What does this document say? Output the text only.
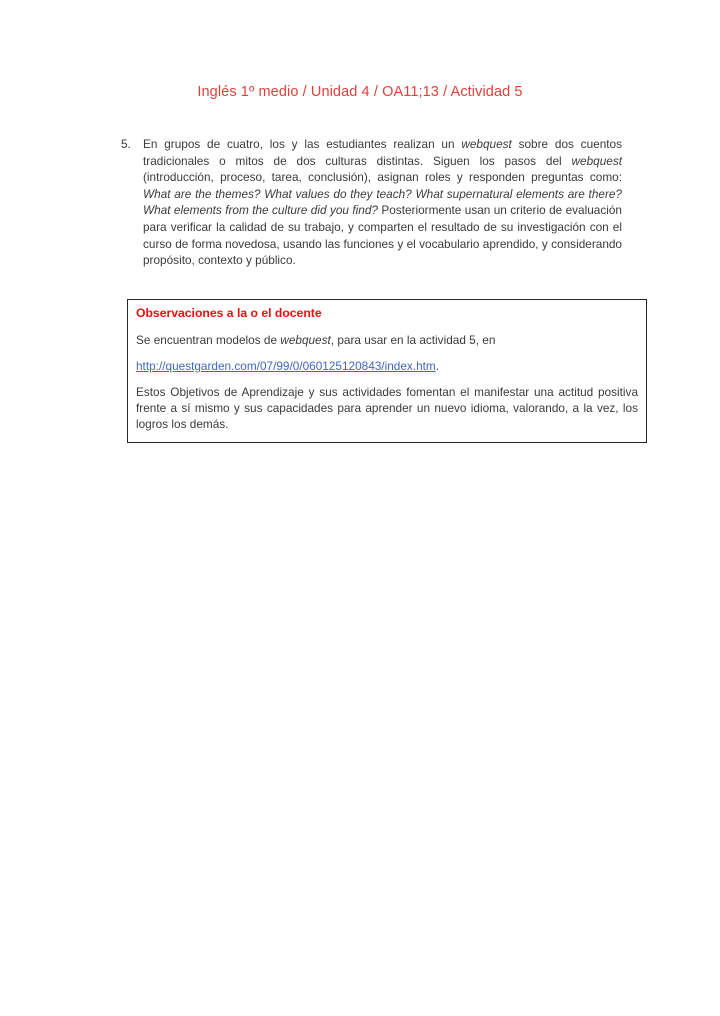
Inglés 1º medio / Unidad 4 / OA11;13 / Actividad 5
5.	En grupos de cuatro, los y las estudiantes realizan un webquest sobre dos cuentos tradicionales o mitos de dos culturas distintas. Siguen los pasos del webquest (introducción, proceso, tarea, conclusión), asignan roles y responden preguntas como: What are the themes? What values do they teach? What supernatural elements are there? What elements from the culture did you find? Posteriormente usan un criterio de evaluación para verificar la calidad de su trabajo, y comparten el resultado de su investigación con el curso de forma novedosa, usando las funciones y el vocabulario aprendido, y considerando propósito, contexto y público.

Observaciones a la o el docente

Se encuentran modelos de webquest, para usar en la actividad 5, en

http://questgarden.com/07/99/0/060125120843/index.htm.

Estos Objetivos de Aprendizaje y sus actividades fomentan el manifestar una actitud positiva frente a sí mismo y sus capacidades para aprender un nuevo idioma, valorando, a la vez, los logros los demás.
